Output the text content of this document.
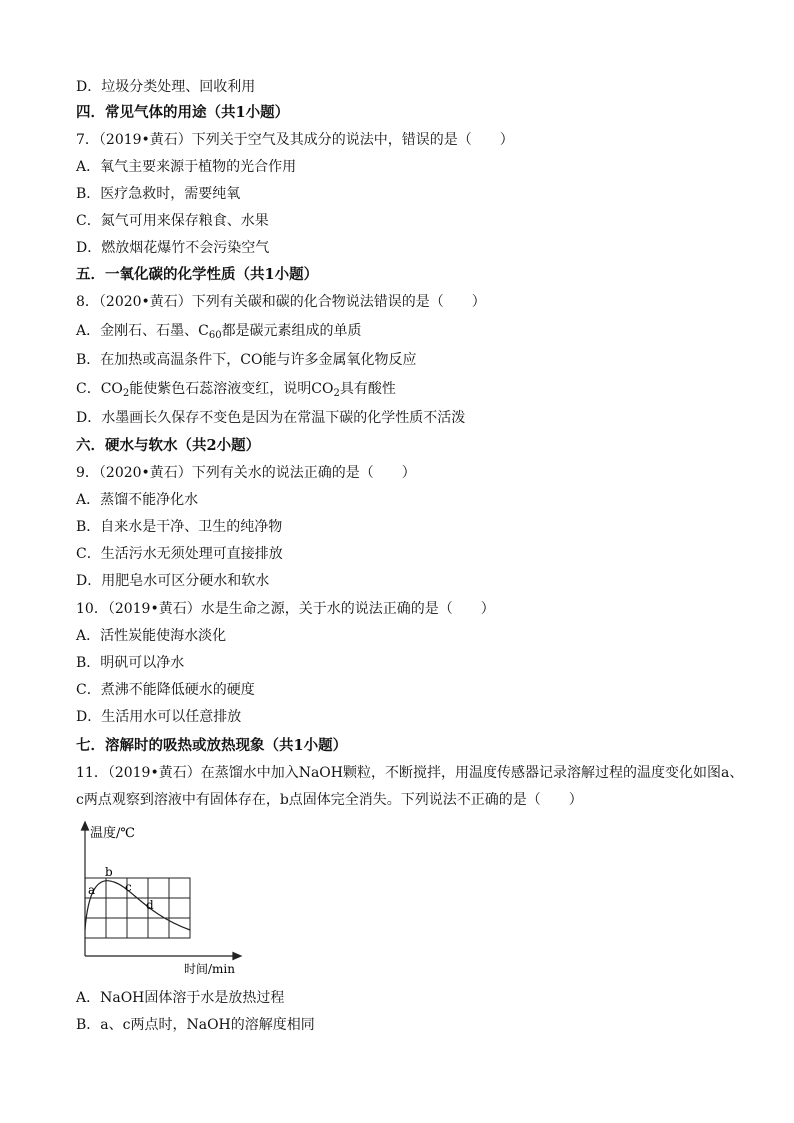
D．垃圾分类处理、回收利用
四．常见气体的用途（共1小题）
7．（2019•黄石）下列关于空气及其成分的说法中，错误的是（　　）
A．氧气主要来源于植物的光合作用
B．医疗急救时，需要纯氧
C．氮气可用来保存粮食、水果
D．燃放烟花爆竹不会污染空气
五．一氧化碳的化学性质（共1小题）
8．（2020•黄石）下列有关碳和碳的化合物说法错误的是（　　）
A．金刚石、石墨、$C_{60}$都是碳元素组成的单质
B．在加热或高温条件下，CO能与许多金属氧化物反应
C．$CO_2$能使紫色石蕊溶液变红，说明$CO_2$具有酸性
D．水墨画长久保存不变色是因为在常温下碳的化学性质不活泼
六．硬水与软水（共2小题）
9．（2020•黄石）下列有关水的说法正确的是（　　）
A．蒸馏不能净化水
B．自来水是干净、卫生的纯净物
C．生活污水无须处理可直接排放
D．用肥皂水可区分硬水和软水
10．（2019•黄石）水是生命之源，关于水的说法正确的是（　　）
A．活性炭能使海水淡化
B．明矾可以净水
C．煮沸不能降低硬水的硬度
D．生活用水可以任意排放
七．溶解时的吸热或放热现象（共1小题）
11．（2019•黄石）在蒸馏水中加入NaOH颗粒，不断搅拌，用温度传感器记录溶解过程的温度变化如图a、
c两点观察到溶液中有固体存在，b点固体完全消失。下列说法不正确的是（　　）
A．NaOH固体溶于水是放热过程
B．a、c两点时，NaOH的溶解度相同
温度/℃
时间/min
a
b
c
d
